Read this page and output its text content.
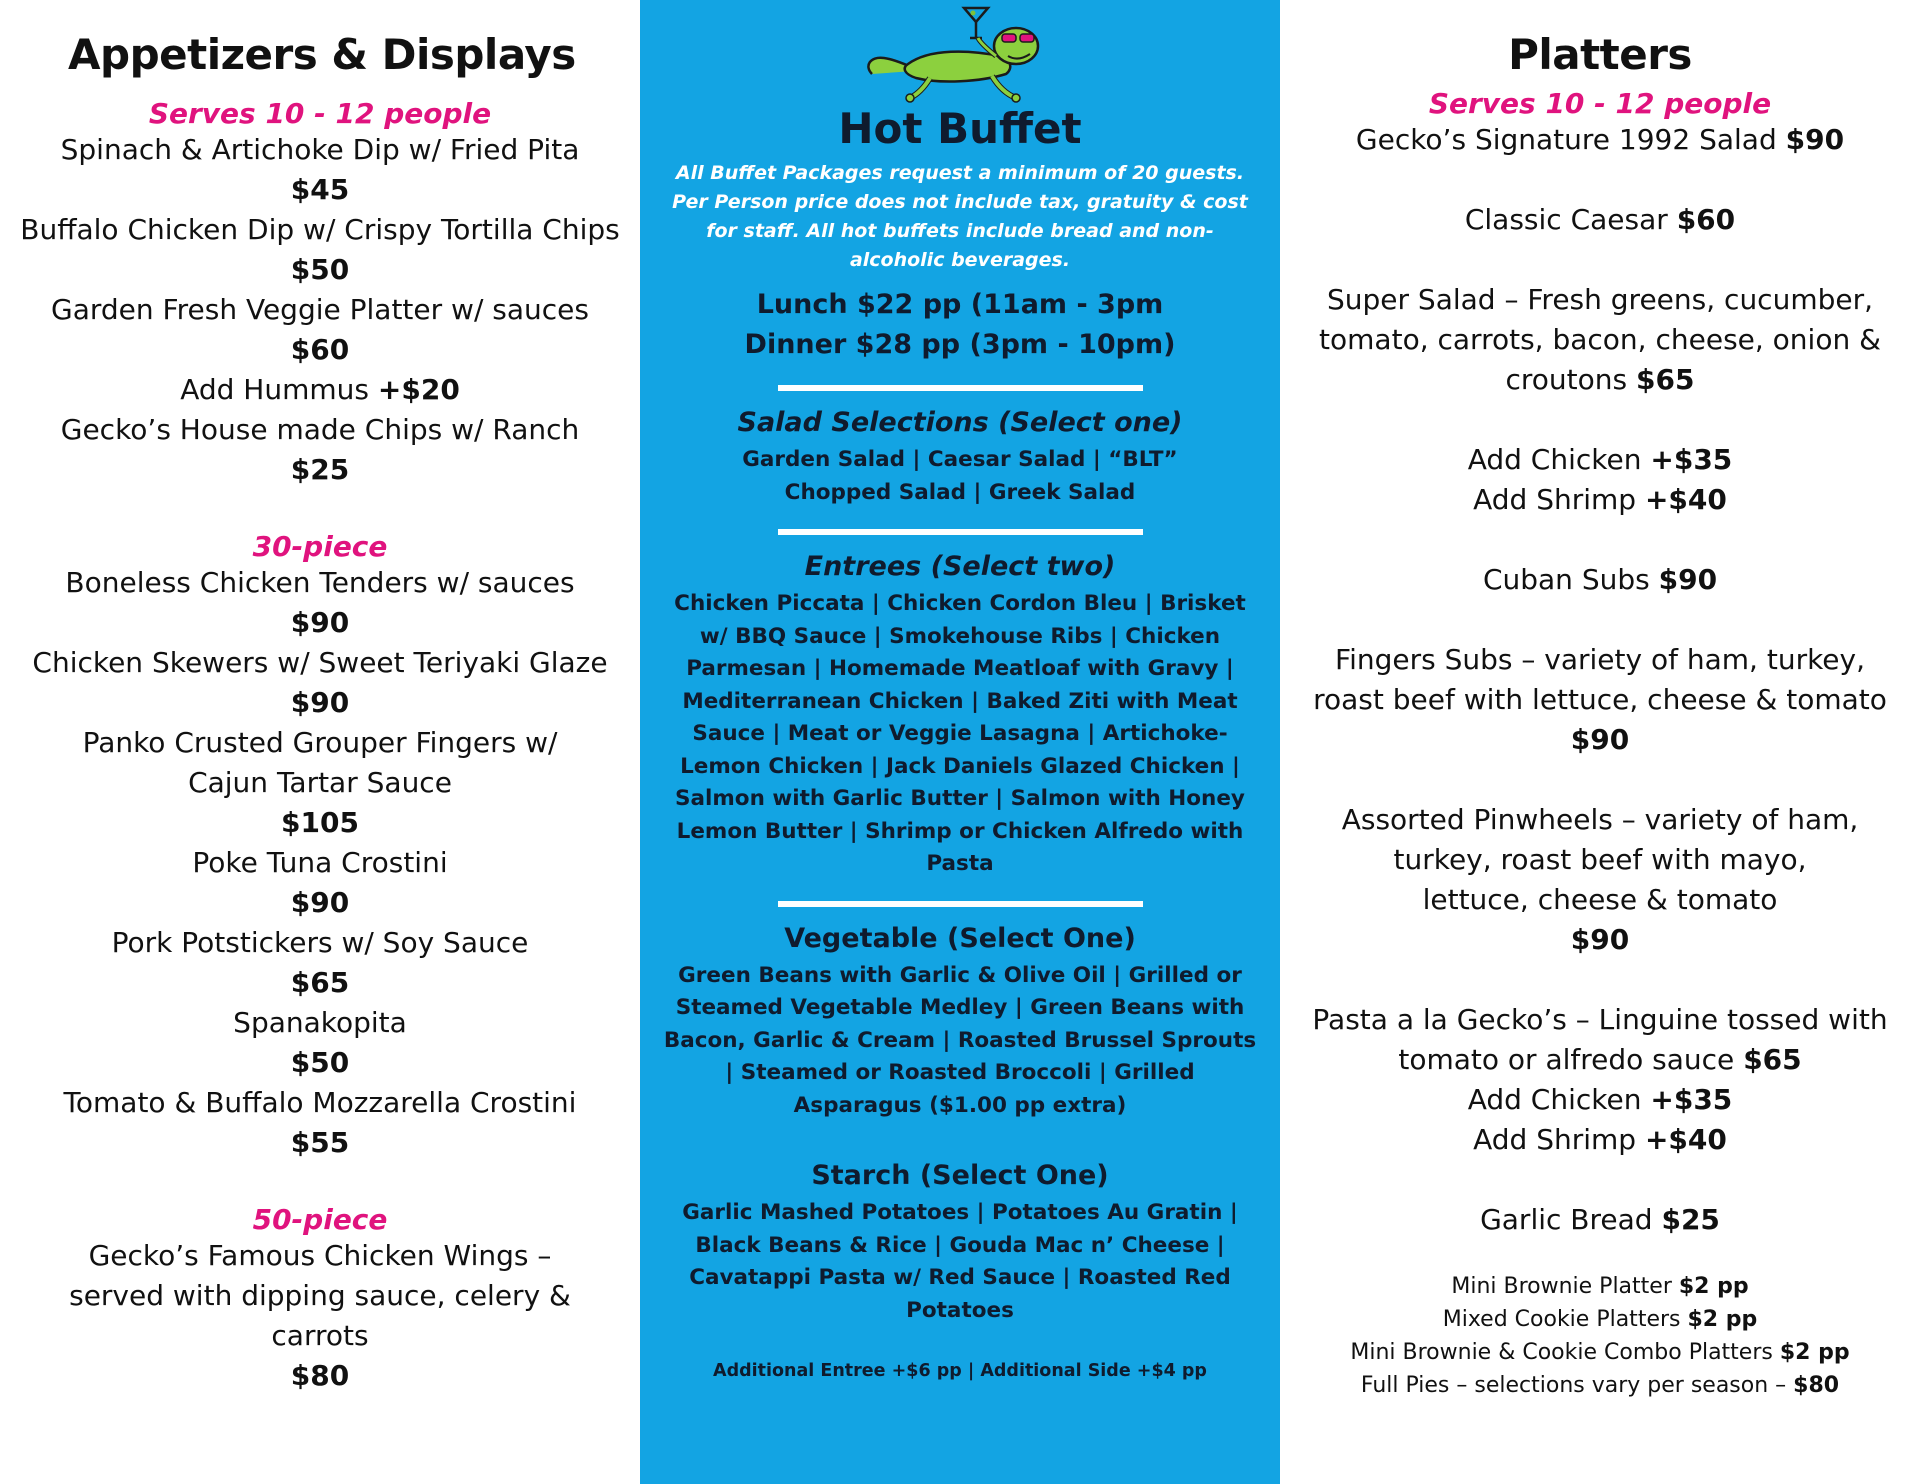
Appetizers & Displays
Serves 10 - 12 people
Spinach & Artichoke Dip w/ Fried Pita
$45
Buffalo Chicken Dip w/ Crispy Tortilla Chips
$50
Garden Fresh Veggie Platter w/ sauces
$60
Add Hummus +$20
Gecko’s House made Chips w/ Ranch
$25
30-piece
Boneless Chicken Tenders w/ sauces
$90
Chicken Skewers w/ Sweet Teriyaki Glaze
$90
Panko Crusted Grouper Fingers w/ Cajun Tartar Sauce
$105
Poke Tuna Crostini
$90
Pork Potstickers w/ Soy Sauce
$65
Spanakopita
$50
Tomato & Buffalo Mozzarella Crostini
$55
50-piece
Gecko’s Famous Chicken Wings – served with dipping sauce, celery & carrots
$80
Hot Buffet
All Buffet Packages request a minimum of 20 guests. Per Person price does not include tax, gratuity & cost for staff. All hot buffets include bread and non-alcoholic beverages.
Lunch $22 pp (11am - 3pm
Dinner $28 pp (3pm - 10pm)
Salad Selections (Select one)
Garden Salad | Caesar Salad | “BLT” Chopped Salad | Greek Salad
Entrees (Select two)
Chicken Piccata | Chicken Cordon Bleu | Brisket w/ BBQ Sauce | Smokehouse Ribs | Chicken Parmesan | Homemade Meatloaf with Gravy | Mediterranean Chicken | Baked Ziti with Meat Sauce | Meat or Veggie Lasagna | Artichoke-Lemon Chicken | Jack Daniels Glazed Chicken | Salmon with Garlic Butter | Salmon with Honey Lemon Butter | Shrimp or Chicken Alfredo with Pasta
Vegetable (Select One)
Green Beans with Garlic & Olive Oil | Grilled or Steamed Vegetable Medley | Green Beans with Bacon, Garlic & Cream | Roasted Brussel Sprouts | Steamed or Roasted Broccoli | Grilled Asparagus ($1.00 pp extra)
Starch (Select One)
Garlic Mashed Potatoes | Potatoes Au Gratin | Black Beans & Rice | Gouda Mac n’ Cheese | Cavatappi Pasta w/ Red Sauce | Roasted Red Potatoes
Additional Entree +$6 pp | Additional Side +$4 pp
Platters
Serves 10 - 12 people
Gecko’s Signature 1992 Salad $90
Classic Caesar $60
Super Salad – Fresh greens, cucumber, tomato, carrots, bacon, cheese, onion & croutons $65
Add Chicken +$35
Add Shrimp +$40
Cuban Subs $90
Fingers Subs – variety of ham, turkey, roast beef with lettuce, cheese & tomato
$90
Assorted Pinwheels – variety of ham, turkey, roast beef with mayo, lettuce, cheese & tomato
$90
Pasta a la Gecko’s – Linguine tossed with tomato or alfredo sauce $65
Add Chicken +$35
Add Shrimp +$40
Garlic Bread $25
Mini Brownie Platter $2 pp
Mixed Cookie Platters $2 pp
Mini Brownie & Cookie Combo Platters $2 pp
Full Pies – selections vary per season – $80
